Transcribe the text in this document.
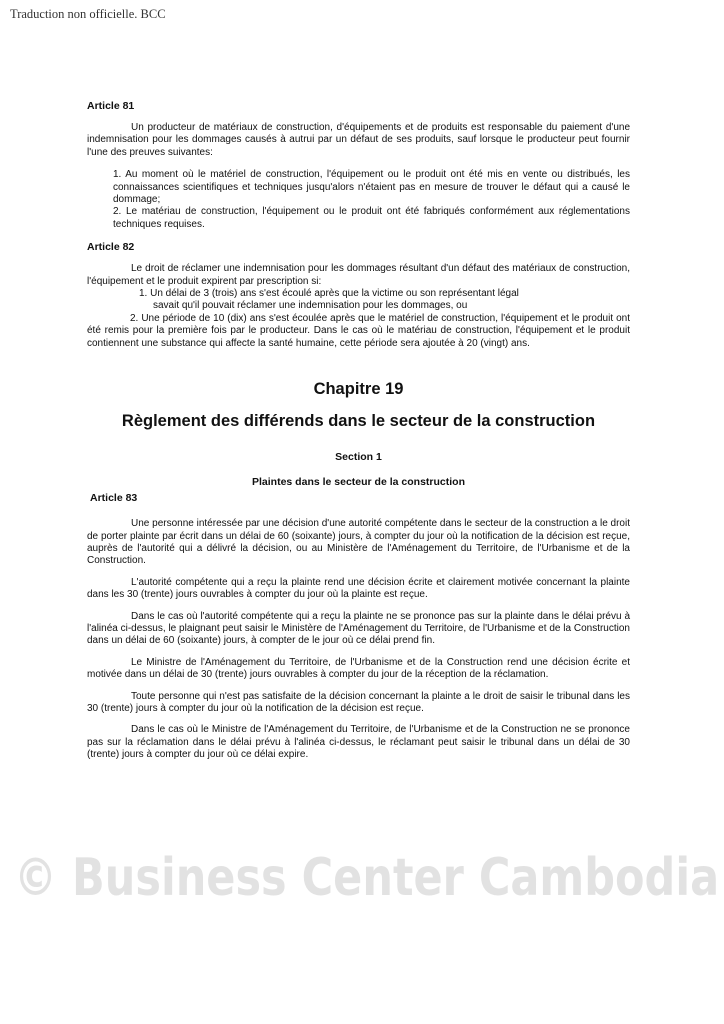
Traduction non officielle. BCC
Article 81

Un producteur de matériaux de construction, d'équipements et de produits est responsable du paiement d'une indemnisation pour les dommages causés à autrui par un défaut de ses produits, sauf lorsque le producteur peut fournir l'une des preuves suivantes:

1. Au moment où le matériel de construction, l'équipement ou le produit ont été mis en vente ou distribués, les connaissances scientifiques et techniques jusqu'alors n'étaient pas en mesure de trouver le défaut qui a causé le dommage;

2. Le matériau de construction, l'équipement ou le produit ont été fabriqués conformément aux réglementations techniques requises.

Article 82

Le droit de réclamer une indemnisation pour les dommages résultant d'un défaut des matériaux de construction, l'équipement et le produit expirent par prescription si:

1. Un délai de 3 (trois) ans s'est écoulé après que la victime ou son représentant légal
savait qu'il pouvait réclamer une indemnisation pour les dommages, ou
2. Une période de 10 (dix) ans s'est écoulée après que le matériel de construction, l'équipement et le produit ont été remis pour la première fois par le producteur. Dans le cas où le matériau de construction, l'équipement et le produit contiennent une substance qui affecte la santé humaine, cette période sera ajoutée à 20 (vingt) ans.
Chapitre 19
Règlement des différends dans le secteur de la construction
Section 1
Plaintes dans le secteur de la construction
Article 83

Une personne intéressée par une décision d'une autorité compétente dans le secteur de la construction a le droit de porter plainte par écrit dans un délai de 60 (soixante) jours, à compter du jour où la notification de la décision est reçue, auprès de l'autorité qui a délivré la décision, ou au Ministère de l'Aménagement du Territoire, de l'Urbanisme et de la Construction.

L'autorité compétente qui a reçu la plainte rend une décision écrite et clairement motivée concernant la plainte dans les 30 (trente) jours ouvrables à compter du jour où la plainte est reçue.

Dans le cas où l'autorité compétente qui a reçu la plainte ne se prononce pas sur la plainte dans le délai prévu à l'alinéa ci-dessus, le plaignant peut saisir le Ministère de l'Aménagement du Territoire, de l'Urbanisme et de la Construction dans un délai de 60 (soixante) jours, à compter de le jour où ce délai prend fin.

Le Ministre de l'Aménagement du Territoire, de l'Urbanisme et de la Construction rend une décision écrite et motivée dans un délai de 30 (trente) jours ouvrables à compter du jour de la réception de la réclamation.

Toute personne qui n'est pas satisfaite de la décision concernant la plainte a le droit de saisir le tribunal dans les 30 (trente) jours à compter du jour où la notification de la décision est reçue.

Dans le cas où le Ministre de l'Aménagement du Territoire, de l'Urbanisme et de la Construction ne se prononce pas sur la réclamation dans le délai prévu à l'alinéa ci-dessus, le réclamant peut saisir le tribunal dans un délai de 30 (trente) jours à compter du jour où ce délai expire.

© Business Center Cambodia
